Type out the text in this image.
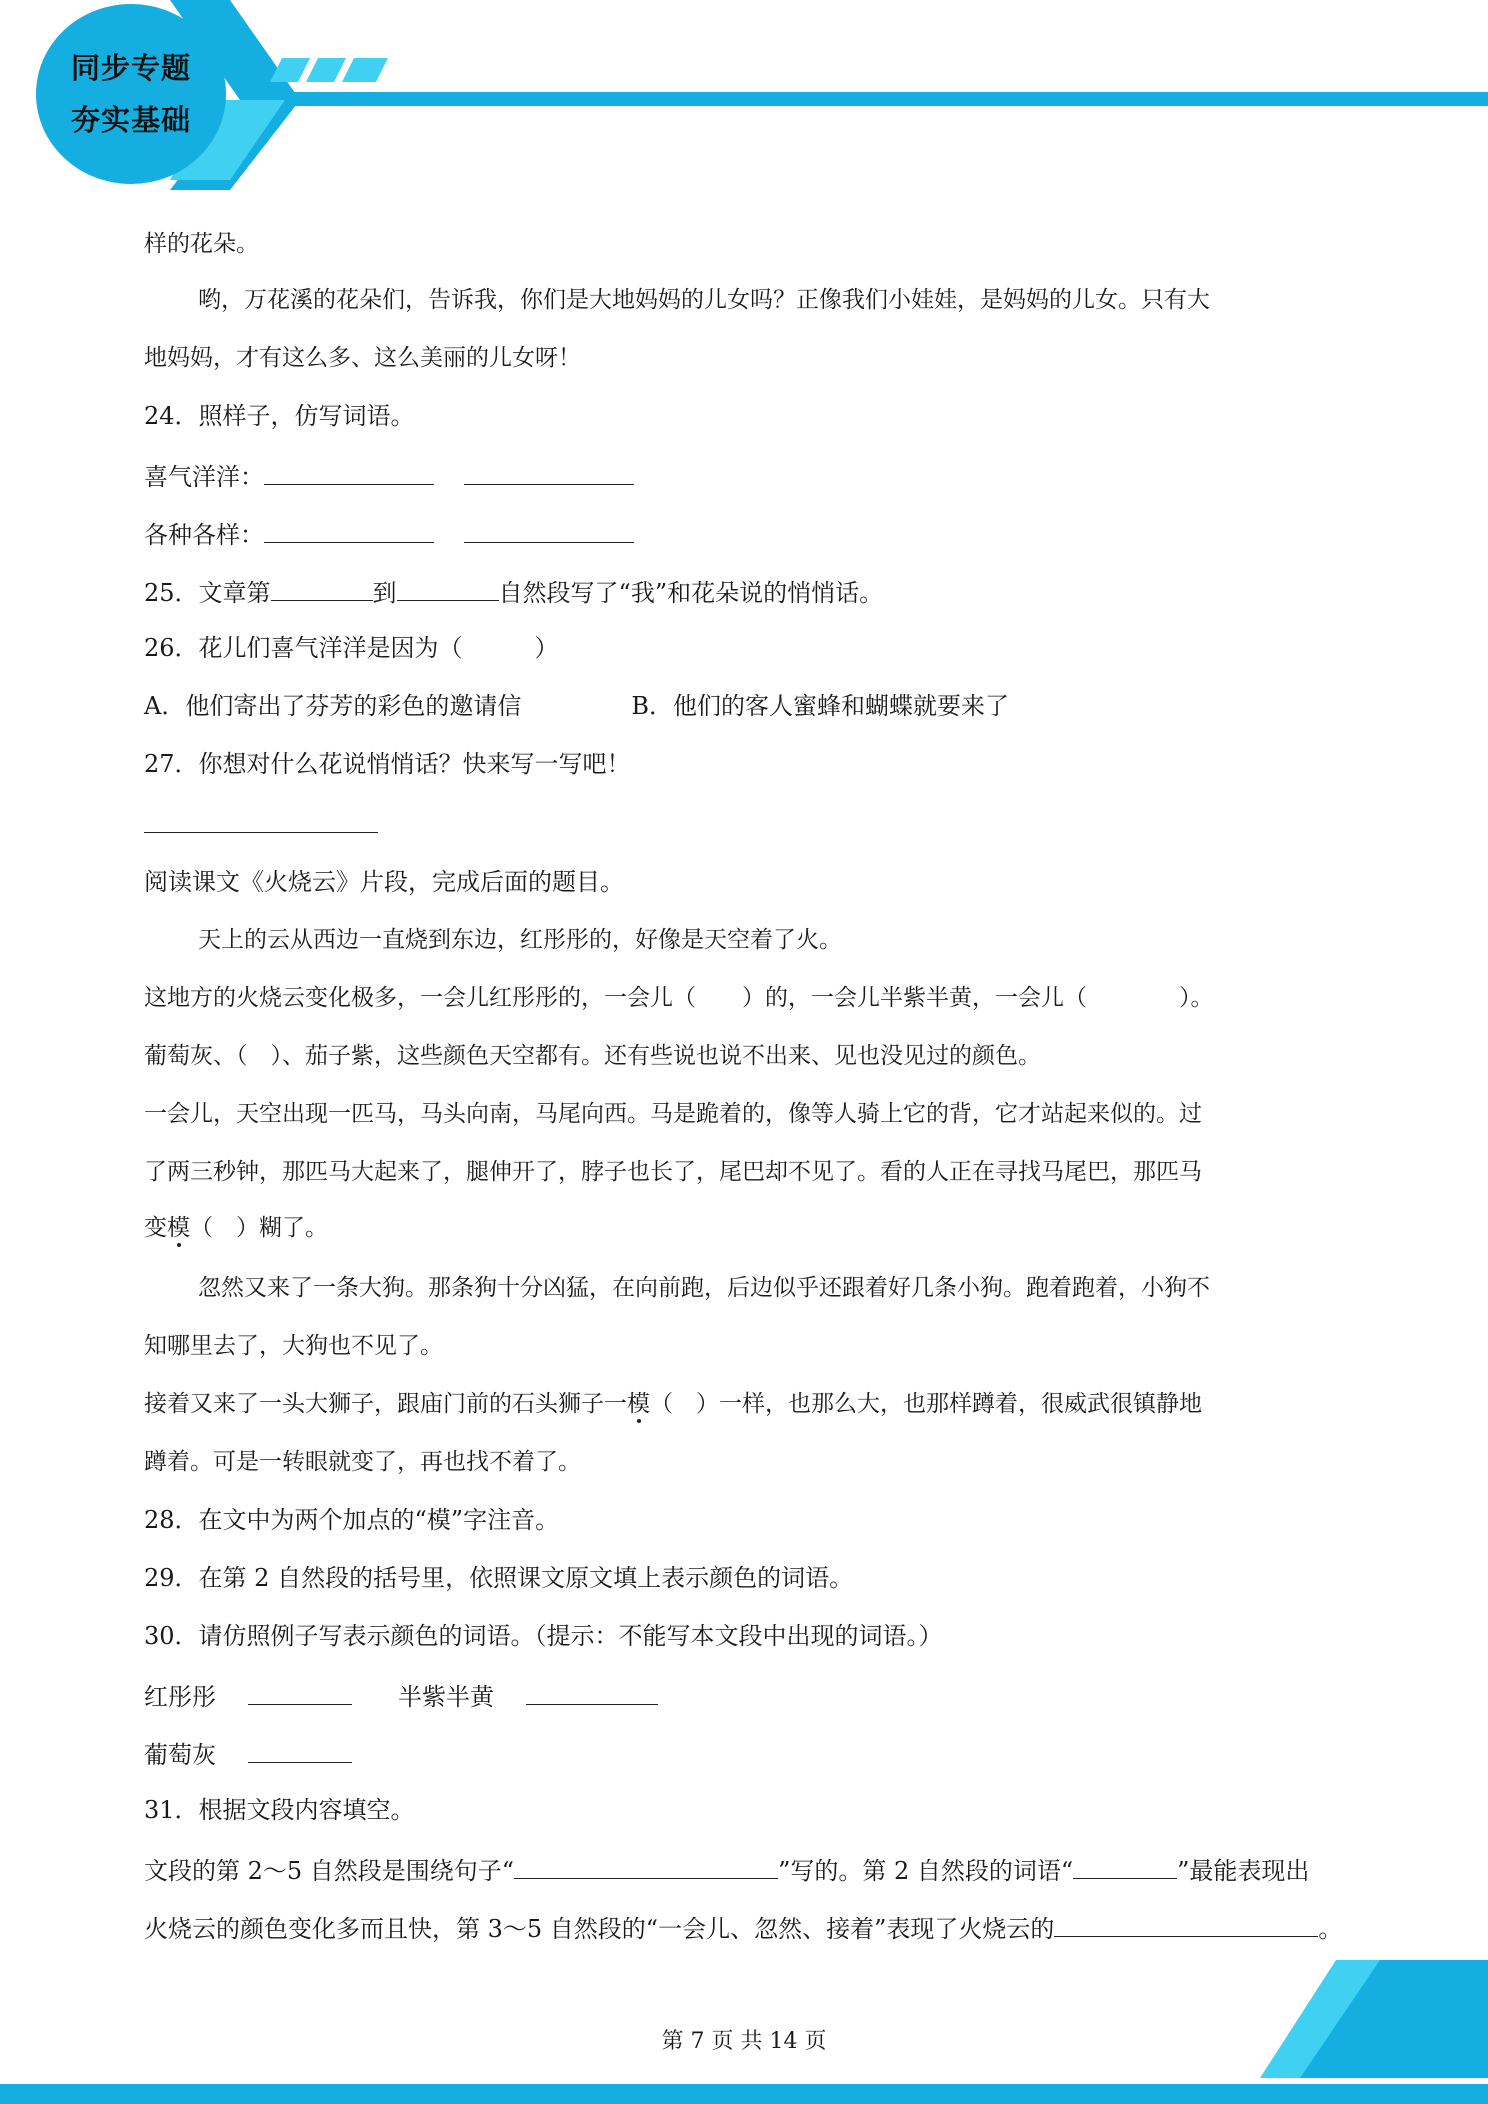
同步专题
夯实基础
样的花朵。
哟，万花溪的花朵们，告诉我，你们是大地妈妈的儿女吗？正像我们小娃娃，是妈妈的儿女。只有大
地妈妈，才有这么多、这么美丽的儿女呀！
24．照样子，仿写词语。
喜气洋洋：
各种各样：
25．文章第	到	自然段写了“我”和花朵说的悄悄话。
26．花儿们喜气洋洋是因为（　　　）
A．他们寄出了芬芳的彩色的邀请信	B．他们的客人蜜蜂和蝴蝶就要来了
27．你想对什么花说悄悄话？快来写一写吧！
阅读课文《火烧云》片段，完成后面的题目。
天上的云从西边一直烧到东边，红彤彤的，好像是天空着了火。
这地方的火烧云变化极多，一会儿红彤彤的，一会儿（　　）的，一会儿半紫半黄，一会儿（　　　　）。
葡萄灰、（　）、茄子紫，这些颜色天空都有。还有些说也说不出来、见也没见过的颜色。
一会儿，天空出现一匹马，马头向南，马尾向西。马是跪着的，像等人骑上它的背，它才站起来似的。过
了两三秒钟，那匹马大起来了，腿伸开了，脖子也长了，尾巴却不见了。看的人正在寻找马尾巴，那匹马
变模（　）糊了。
忽然又来了一条大狗。那条狗十分凶猛，在向前跑，后边似乎还跟着好几条小狗。跑着跑着，小狗不
知哪里去了，大狗也不见了。
接着又来了一头大狮子，跟庙门前的石头狮子一模（　）一样，也那么大，也那样蹲着，很威武很镇静地
蹲着。可是一转眼就变了，再也找不着了。
28．在文中为两个加点的“模”字注音。
29．在第 2 自然段的括号里，依照课文原文填上表示颜色的词语。
30．请仿照例子写表示颜色的词语。（提示：不能写本文段中出现的词语。）
红彤彤	半紫半黄
葡萄灰
31．根据文段内容填空。
文段的第 2～5 自然段是围绕句子“	”写的。第 2 自然段的词语“	”最能表现出
火烧云的颜色变化多而且快，第 3～5 自然段的“一会儿、忽然、接着”表现了火烧云的	。
第 7 页 共 14 页
